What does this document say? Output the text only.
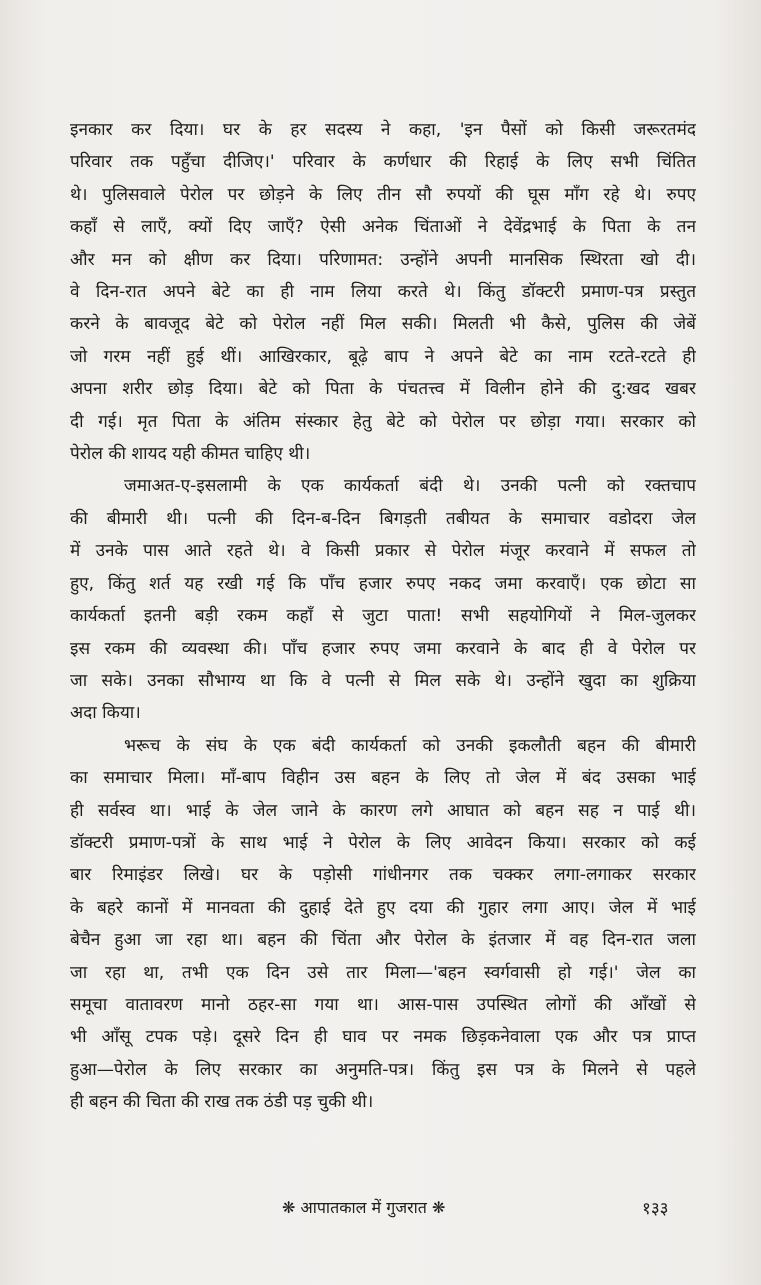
इनकार कर दिया। घर के हर सदस्य ने कहा, 'इन पैसों को किसी जरूरतमंद
परिवार तक पहुँचा दीजिए।' परिवार के कर्णधार की रिहाई के लिए सभी चिंतित
थे। पुलिसवाले पेरोल पर छोड़ने के लिए तीन सौ रुपयों की घूस माँग रहे थे। रुपए
कहाँ से लाएँ, क्यों दिए जाएँ? ऐसी अनेक चिंताओं ने देवेंद्रभाई के पिता के तन
और मन को क्षीण कर दिया। परिणामत: उन्होंने अपनी मानसिक स्थिरता खो दी।
वे दिन-रात अपने बेटे का ही नाम लिया करते थे। किंतु डॉक्टरी प्रमाण-पत्र प्रस्तुत
करने के बावजूद बेटे को पेरोल नहीं मिल सकी। मिलती भी कैसे, पुलिस की जेबें
जो गरम नहीं हुई थीं। आखिरकार, बूढ़े बाप ने अपने बेटे का नाम रटते-रटते ही
अपना शरीर छोड़ दिया। बेटे को पिता के पंचतत्त्व में विलीन होने की दु:खद खबर
दी गई। मृत पिता के अंतिम संस्कार हेतु बेटे को पेरोल पर छोड़ा गया। सरकार को
पेरोल की शायद यही कीमत चाहिए थी।
जमाअत-ए-इसलामी के एक कार्यकर्ता बंदी थे। उनकी पत्नी को रक्तचाप
की बीमारी थी। पत्नी की दिन-ब-दिन बिगड़ती तबीयत के समाचार वडोदरा जेल
में उनके पास आते रहते थे। वे किसी प्रकार से पेरोल मंजूर करवाने में सफल तो
हुए, किंतु शर्त यह रखी गई कि पाँच हजार रुपए नकद जमा करवाएँ। एक छोटा सा
कार्यकर्ता इतनी बड़ी रकम कहाँ से जुटा पाता! सभी सहयोगियों ने मिल-जुलकर
इस रकम की व्यवस्था की। पाँच हजार रुपए जमा करवाने के बाद ही वे पेरोल पर
जा सके। उनका सौभाग्य था कि वे पत्नी से मिल सके थे। उन्होंने खुदा का शुक्रिया
अदा किया।
भरूच के संघ के एक बंदी कार्यकर्ता को उनकी इकलौती बहन की बीमारी
का समाचार मिला। माँ-बाप विहीन उस बहन के लिए तो जेल में बंद उसका भाई
ही सर्वस्व था। भाई के जेल जाने के कारण लगे आघात को बहन सह न पाई थी।
डॉक्टरी प्रमाण-पत्रों के साथ भाई ने पेरोल के लिए आवेदन किया। सरकार को कई
बार रिमाइंडर लिखे। घर के पड़ोसी गांधीनगर तक चक्कर लगा-लगाकर सरकार
के बहरे कानों में मानवता की दुहाई देते हुए दया की गुहार लगा आए। जेल में भाई
बेचैन हुआ जा रहा था। बहन की चिंता और पेरोल के इंतजार में वह दिन-रात जला
जा रहा था, तभी एक दिन उसे तार मिला—'बहन स्वर्गवासी हो गई।' जेल का
समूचा वातावरण मानो ठहर-सा गया था। आस-पास उपस्थित लोगों की आँखों से
भी आँसू टपक पड़े। दूसरे दिन ही घाव पर नमक छिड़कनेवाला एक और पत्र प्राप्त
हुआ—पेरोल के लिए सरकार का अनुमति-पत्र। किंतु इस पत्र के मिलने से पहले
ही बहन की चिता की राख तक ठंडी पड़ चुकी थी।
❋ आपातकाल में गुजरात ❋	१३३
